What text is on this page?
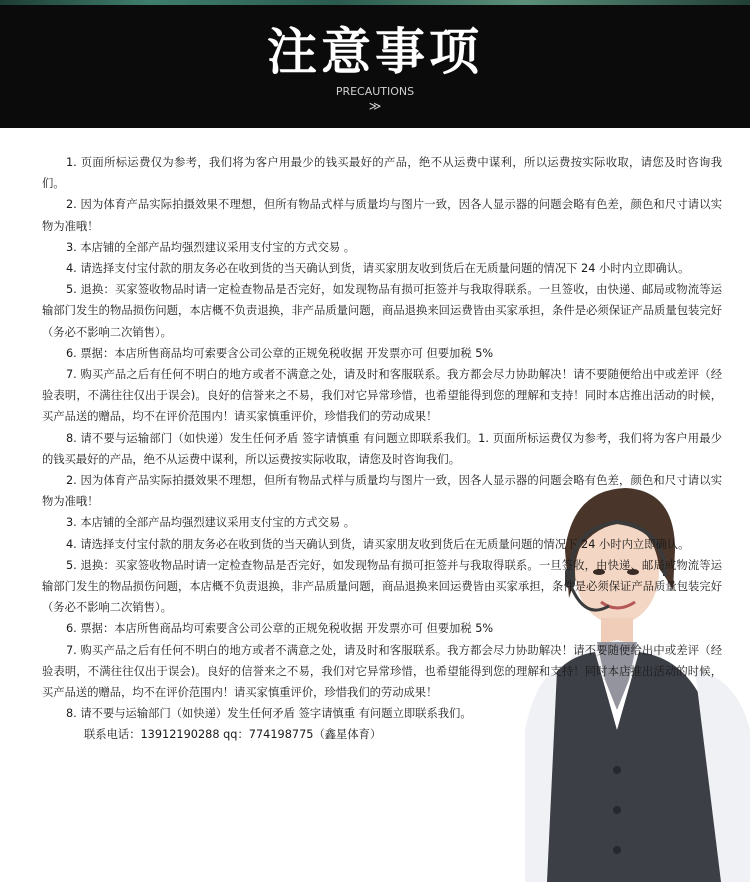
注意事项
PRECAUTIONS
≫

1. 页面所标运费仅为参考，我们将为客户用最少的钱买最好的产品，绝不从运费中谋利，所以运费按实际收取，请您及时咨询我们。

2. 因为体育产品实际拍摄效果不理想，但所有物品式样与质量均与图片一致，因各人显示器的问题会略有色差，颜色和尺寸请以实物为准哦！

3. 本店铺的全部产品均强烈建议采用支付宝的方式交易 。

4. 请选择支付宝付款的朋友务必在收到货的当天确认到货，请买家朋友收到货后在无质量问题的情况下 24 小时内立即确认。

5. 退换：买家签收物品时请一定检查物品是否完好，如发现物品有损可拒签并与我取得联系。一旦签收，由快递、邮局或物流等运输部门发生的物品损伤问题，本店概不负责退换，非产品质量问题，商品退换来回运费皆由买家承担，条件是必须保证产品质量包装完好（务必不影响二次销售）。

6. 票据：本店所售商品均可索要含公司公章的正规免税收据 开发票亦可 但要加税 5%

7. 购买产品之后有任何不明白的地方或者不满意之处，请及时和客服联系。我方都会尽力协助解决！请不要随便给出中或差评（经验表明，不满往往仅出于误会)。良好的信誉来之不易，我们对它异常珍惜，也希望能得到您的理解和支持！同时本店推出活动的时候，买产品送的赠品，均不在评价范围内！请买家慎重评价，珍惜我们的劳动成果！

8. 请不要与运输部门（如快递）发生任何矛盾 签字请慎重 有问题立即联系我们。1. 页面所标运费仅为参考，我们将为客户用最少的钱买最好的产品，绝不从运费中谋利，所以运费按实际收取，请您及时咨询我们。

2. 因为体育产品实际拍摄效果不理想，但所有物品式样与质量均与图片一致，因各人显示器的问题会略有色差，颜色和尺寸请以实物为准哦！

3. 本店铺的全部产品均强烈建议采用支付宝的方式交易 。

4. 请选择支付宝付款的朋友务必在收到货的当天确认到货，请买家朋友收到货后在无质量问题的情况下 24 小时内立即确认。

5. 退换：买家签收物品时请一定检查物品是否完好，如发现物品有损可拒签并与我取得联系。一旦签收，由快递、邮局或物流等运输部门发生的物品损伤问题，本店概不负责退换，非产品质量问题，商品退换来回运费皆由买家承担，条件是必须保证产品质量包装完好（务必不影响二次销售）。

6. 票据：本店所售商品均可索要含公司公章的正规免税收据 开发票亦可 但要加税 5%

7. 购买产品之后有任何不明白的地方或者不满意之处，请及时和客服联系。我方都会尽力协助解决！请不要随便给出中或差评（经验表明，不满往往仅出于误会)。良好的信誉来之不易，我们对它异常珍惜，也希望能得到您的理解和支持！同时本店推出活动的时候，买产品送的赠品，均不在评价范围内！请买家慎重评价，珍惜我们的劳动成果！

8. 请不要与运输部门（如快递）发生任何矛盾 签字请慎重 有问题立即联系我们。

联系电话：13912190288 qq：774198775（鑫星体育）
